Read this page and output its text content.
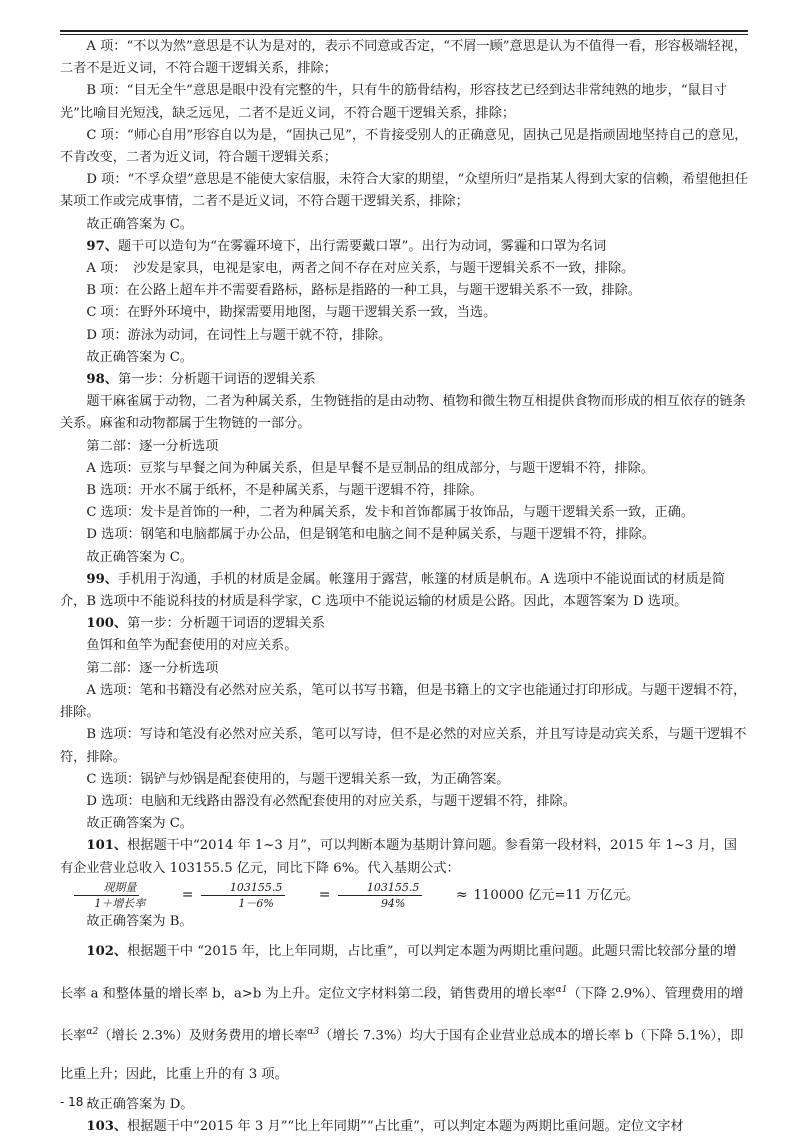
A 项：“不以为然”意思是不认为是对的，表示不同意或否定，“不屑一顾”意思是认为不值得一看，形容极端轻视，二者不是近义词，不符合题干逻辑关系，排除；

B 项：“目无全牛”意思是眼中没有完整的牛，只有牛的筋骨结构，形容技艺已经到达非常纯熟的地步，“鼠目寸光”比喻目光短浅，缺乏远见，二者不是近义词，不符合题干逻辑关系，排除；

C 项：“师心自用”形容自以为是，“固执己见”，不肯接受别人的正确意见，固执己见是指顽固地坚持自己的意见，不肯改变，二者为近义词，符合题干逻辑关系；

D 项：“不孚众望”意思是不能使大家信服，未符合大家的期望，“众望所归”是指某人得到大家的信赖，希望他担任某项工作或完成事情，二者不是近义词，不符合题干逻辑关系，排除；

故正确答案为 C。

97、题干可以造句为“在雾霾环境下，出行需要戴口罩”。出行为动词，雾霾和口罩为名词

A 项：　沙发是家具，电视是家电，两者之间不存在对应关系，与题干逻辑关系不一致，排除。

B 项：在公路上超车并不需要看路标，路标是指路的一种工具，与题干逻辑关系不一致，排除。

C 项：在野外环境中，勘探需要用地图，与题干逻辑关系一致，当选。

D 项：游泳为动词，在词性上与题干就不符，排除。

故正确答案为 C。

98、第一步：分析题干词语的逻辑关系

题干麻雀属于动物，二者为种属关系，生物链指的是由动物、植物和微生物互相提供食物而形成的相互依存的链条关系。麻雀和动物都属于生物链的一部分。

第二部：逐一分析选项

A 选项：豆浆与早餐之间为种属关系，但是早餐不是豆制品的组成部分，与题干逻辑不符，排除。

B 选项：开水不属于纸杯，不是种属关系，与题干逻辑不符，排除。

C 选项：发卡是首饰的一种，二者为种属关系，发卡和首饰都属于妆饰品，与题干逻辑关系一致，正确。

D 选项：钢笔和电脑都属于办公品，但是钢笔和电脑之间不是种属关系，与题干逻辑不符，排除。

故正确答案为 C。

99、手机用于沟通，手机的材质是金属。帐篷用于露营，帐篷的材质是帆布。A 选项中不能说面试的材质是简介，B 选项中不能说科技的材质是科学家，C 选项中不能说运输的材质是公路。因此，本题答案为 D 选项。

100、第一步：分析题干词语的逻辑关系

鱼饵和鱼竿为配套使用的对应关系。

第二部：逐一分析选项

A 选项：笔和书籍没有必然对应关系，笔可以书写书籍，但是书籍上的文字也能通过打印形成。与题干逻辑不符，排除。

B 选项：写诗和笔没有必然对应关系，笔可以写诗，但不是必然的对应关系，并且写诗是动宾关系，与题干逻辑不符，排除。

C 选项：锅铲与炒锅是配套使用的，与题干逻辑关系一致，为正确答案。

D 选项：电脑和无线路由器没有必然配套使用的对应关系，与题干逻辑不符，排除。

故正确答案为 C。

101、根据题干中“2014 年 1~3 月”，可以判断本题为基期计算问题。参看第一段材料，2015 年 1~3 月，国有企业营业总收入 103155.5 亿元，同比下降 6%。代入基期公式：
$\frac{\text{现期量}}{\text{1＋增长率}}$	= $\frac{103155.5}{1-6\%}$	= $\frac{103155.5}{94\%}$	≈ 110000 亿元=11 万亿元。

故正确答案为 B。

102、根据题干中 “2015 年，比上年同期，占比重”，可以判定本题为两期比重问题。此题只需比较部分量的增长率 a 和整体量的增长率 b，a>b 为上升。定位文字材料第二段，销售费用的增长率$^{\alpha 1}$（下降 2.9%）、管理费用的增长率$^{\alpha 2}$（增长 2.3%）及财务费用的增长率$^{\alpha 3}$（增长 7.3%）均大于国有企业营业总成本的增长率 b（下降 5.1%），即比重上升；因此，比重上升的有 3 项。

故正确答案为 D。

103、根据题干中“2015 年 3 月”“比上年同期”“占比重”，可以判定本题为两期比重问题。定位文字材

- 18 -
